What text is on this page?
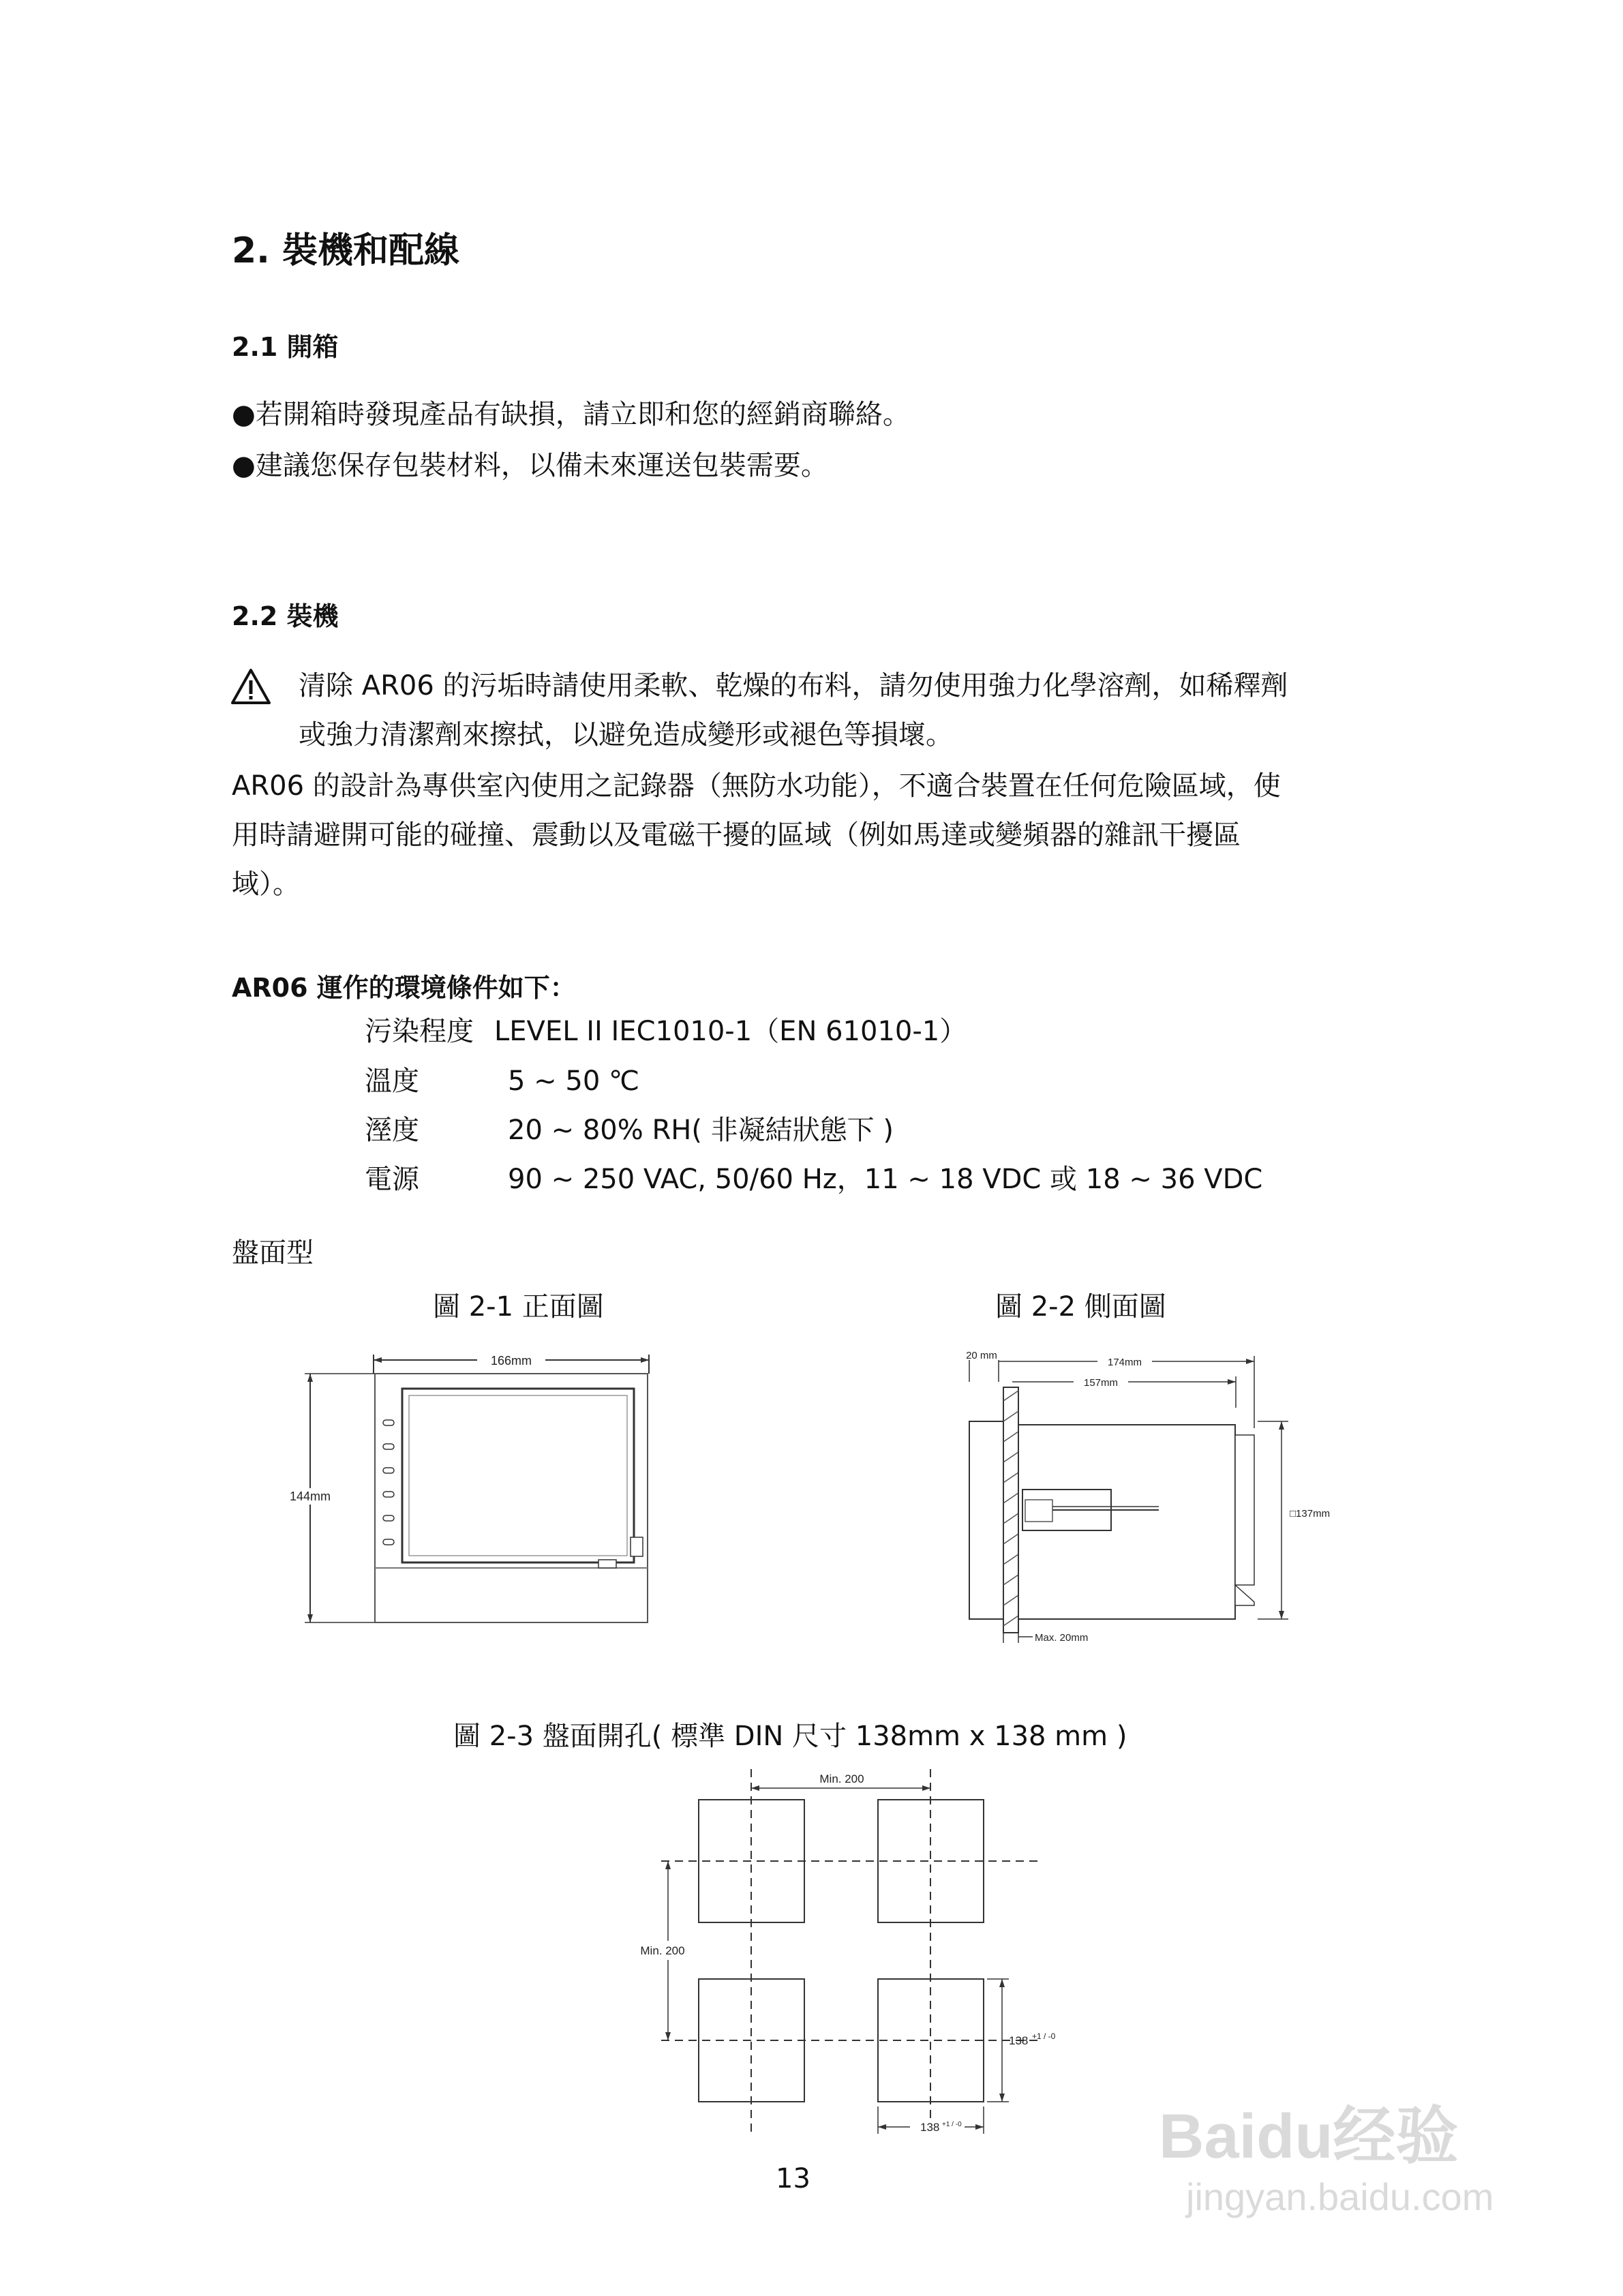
2. 裝機和配線
2.1 開箱
●若開箱時發現產品有缺損，請立即和您的經銷商聯絡。
●建議您保存包裝材料，以備未來運送包裝需要。
2.2 裝機
清除 AR06 的污垢時請使用柔軟、乾燥的布料，請勿使用強力化學溶劑，如稀釋劑
或強力清潔劑來擦拭，以避免造成變形或褪色等損壞。
AR06 的設計為專供室內使用之記錄器（無防水功能），不適合裝置在任何危險區域，使
用時請避開可能的碰撞、震動以及電磁干擾的區域（例如馬達或變頻器的雜訊干擾區
域）。
AR06 運作的環境條件如下：
污染程度 LEVEL II IEC1010-1（EN 61010-1）
溫度	5 ~ 50 ℃
溼度	20 ~ 80% RH( 非凝結狀態下 )
電源	90 ~ 250 VAC, 50/60 Hz，11 ~ 18 VDC 或 18 ~ 36 VDC
盤面型
圖 2-1 正面圖	圖 2-2 側面圖
166mm
144mm
20 mm
174mm
157mm
□137mm
Max. 20mm
圖 2-3 盤面開孔( 標準 DIN 尺寸 138mm x 138 mm )
Min. 200
Min. 200
138 +1 / -0
138 +1 / -0
13
Baidu经验
jingyan.baidu.com
